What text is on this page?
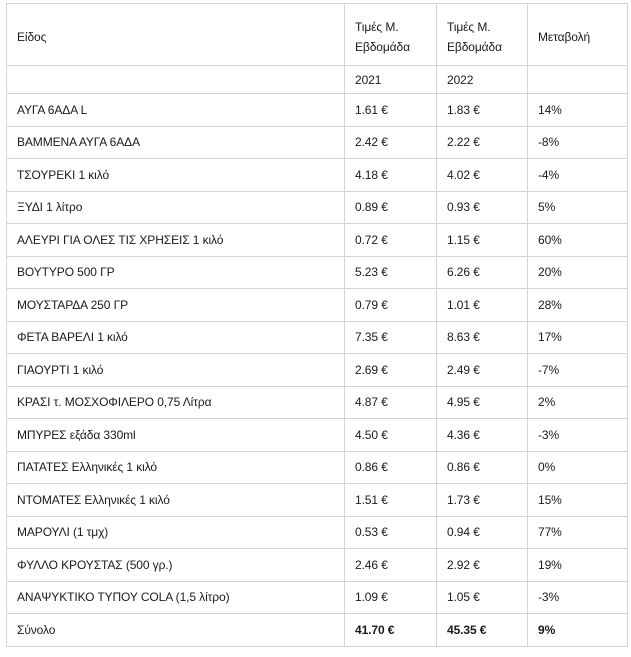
Είδος	Τιμές Μ. Εβδομάδα	Τιμές Μ. Εβδομάδα	Μεταβολή
	2021	2022	
ΑΥΓΑ 6ΑΔΑ L	1.61 €	1.83 €	14%
ΒΑΜΜΕΝΑ ΑΥΓΑ 6ΑΔΑ	2.42 €	2.22 €	-8%
ΤΣΟΥΡΕΚΙ 1 κιλό	4.18 €	4.02 €	-4%
ΞΥΔΙ 1 λίτρο	0.89 €	0.93 €	5%
ΑΛΕΥΡΙ ΓΙΑ ΟΛΕΣ ΤΙΣ ΧΡΗΣΕΙΣ 1 κιλό	0.72 €	1.15 €	60%
ΒΟΥΤΥΡΟ 500 ΓΡ	5.23 €	6.26 €	20%
ΜΟΥΣΤΑΡΔΑ 250 ΓΡ	0.79 €	1.01 €	28%
ΦΕΤΑ ΒΑΡΕΛΙ 1 κιλό	7.35 €	8.63 €	17%
ΓΙΑΟΥΡΤΙ 1 κιλό	2.69 €	2.49 €	-7%
ΚΡΑΣΙ τ. ΜΟΣΧΟΦΙΛΕΡΟ 0,75 Λίτρα	4.87 €	4.95 €	2%
ΜΠΥΡΕΣ εξάδα 330ml	4.50 €	4.36 €	-3%
ΠΑΤΑΤΕΣ Ελληνικές 1 κιλό	0.86 €	0.86 €	0%
ΝΤΟΜΑΤΕΣ Ελληνικές 1 κιλό	1.51 €	1.73 €	15%
ΜΑΡΟΥΛΙ (1 τμχ)	0.53 €	0.94 €	77%
ΦΥΛΛΟ ΚΡΟΥΣΤΑΣ (500 γρ.)	2.46 €	2.92 €	19%
ΑΝΑΨΥΚΤΙΚΟ ΤΥΠΟΥ COLA (1,5 λίτρο)	1.09 €	1.05 €	-3%
Σύνολο	41.70 €	45.35 €	9%
